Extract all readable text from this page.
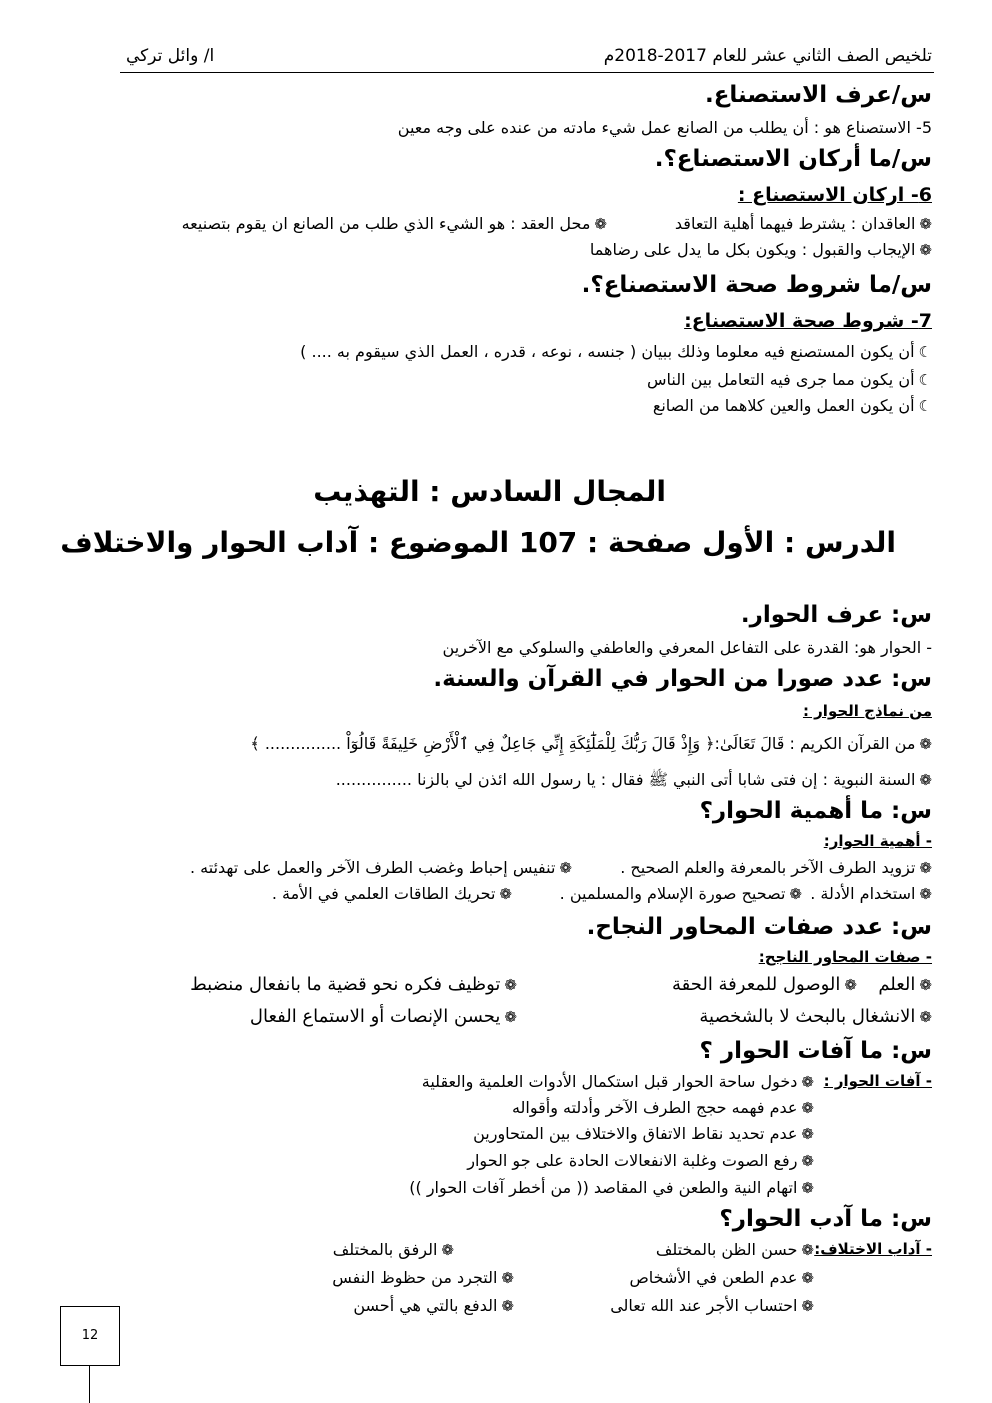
تلخيص الصف الثاني عشر للعام 2017-2018م
ا/ وائل تركي
س/عرف الاستصناع.
5- الاستصناع هو : أن يطلب من الصانع عمل شيء مادته من عنده على وجه معين
س/ما أركان الاستصناع؟.
6- اركان الاستصناع :
❁العاقدان : يشترط فيهما أهلية التعاقد
❁محل العقد : هو الشيء الذي طلب من الصانع ان يقوم بتصنيعه
❁الإيجاب والقبول : ويكون بكل ما يدل على رضاهما
س/ما شروط صحة الاستصناع؟.
7- شروط صحة الاستصناع:
☾أن يكون المستصنع فيه معلوما وذلك ببيان ( جنسه ، نوعه ، قدره ، العمل الذي سيقوم به .... )
☾أن يكون مما جرى فيه التعامل بين الناس
☾أن يكون العمل والعين كلاهما من الصانع
المجال السادس : التهذيب
الدرس : الأول صفحة : 107 الموضوع : آداب الحوار والاختلاف
س: عرف الحوار.
- الحوار هو: القدرة على التفاعل المعرفي والعاطفي والسلوكي مع الآخرين
س: عدد صورا من الحوار في القرآن والسنة.
من نماذج الحوار :
❁من القرآن الكريم : قَالَ تَعَالَىٰ:﴿ وَإِذْ قَالَ رَبُّكَ لِلْمَلَٰٓئِكَةِ إِنِّي جَاعِلٌ فِي ٱلْأَرْضِ خَلِيفَةً قَالُوٓاْ ............... ﴾
❁السنة النبوية : إن فتى شابا أتى النبي ﷺ فقال : يا رسول الله ائذن لي بالزنا ...............
س: ما أهمية الحوار؟
- أهمية الحوار:
❁تزويد الطرف الآخر بالمعرفة والعلم الصحيح .
❁تنفيس إحباط وغضب الطرف الآخر والعمل على تهدئته .
❁استخدام الأدلة .
❁تصحيح صورة الإسلام والمسلمين .
❁تحريك الطاقات العلمي في الأمة .
س: عدد صفات المحاور النجاح.
- صفات المحاور الناجح:
❁العلم
❁الوصول للمعرفة الحقة
❁توظيف فكره نحو قضية ما بانفعال منضبط
❁الانشغال بالبحث لا بالشخصية
❁يحسن الإنصات أو الاستماع الفعال
س: ما آفات الحوار ؟
- آفات الحوار :
❁دخول ساحة الحوار قبل استكمال الأدوات العلمية والعقلية
❁عدم فهمه حجج الطرف الآخر وأدلته وأقواله
❁عدم تحديد نقاط الاتفاق والاختلاف بين المتحاورين
❁رفع الصوت وغلبة الانفعالات الحادة على جو الحوار
❁اتهام النية والطعن في المقاصد (( من أخطر آفات الحوار ))
س: ما آدب الحوار؟
- آداب الاختلاف:
❁حسن الظن بالمختلف
❁الرفق بالمختلف
❁عدم الطعن في الأشخاص
❁التجرد من حظوظ النفس
❁احتساب الأجر عند الله تعالى
❁الدفع بالتي هي أحسن
12
